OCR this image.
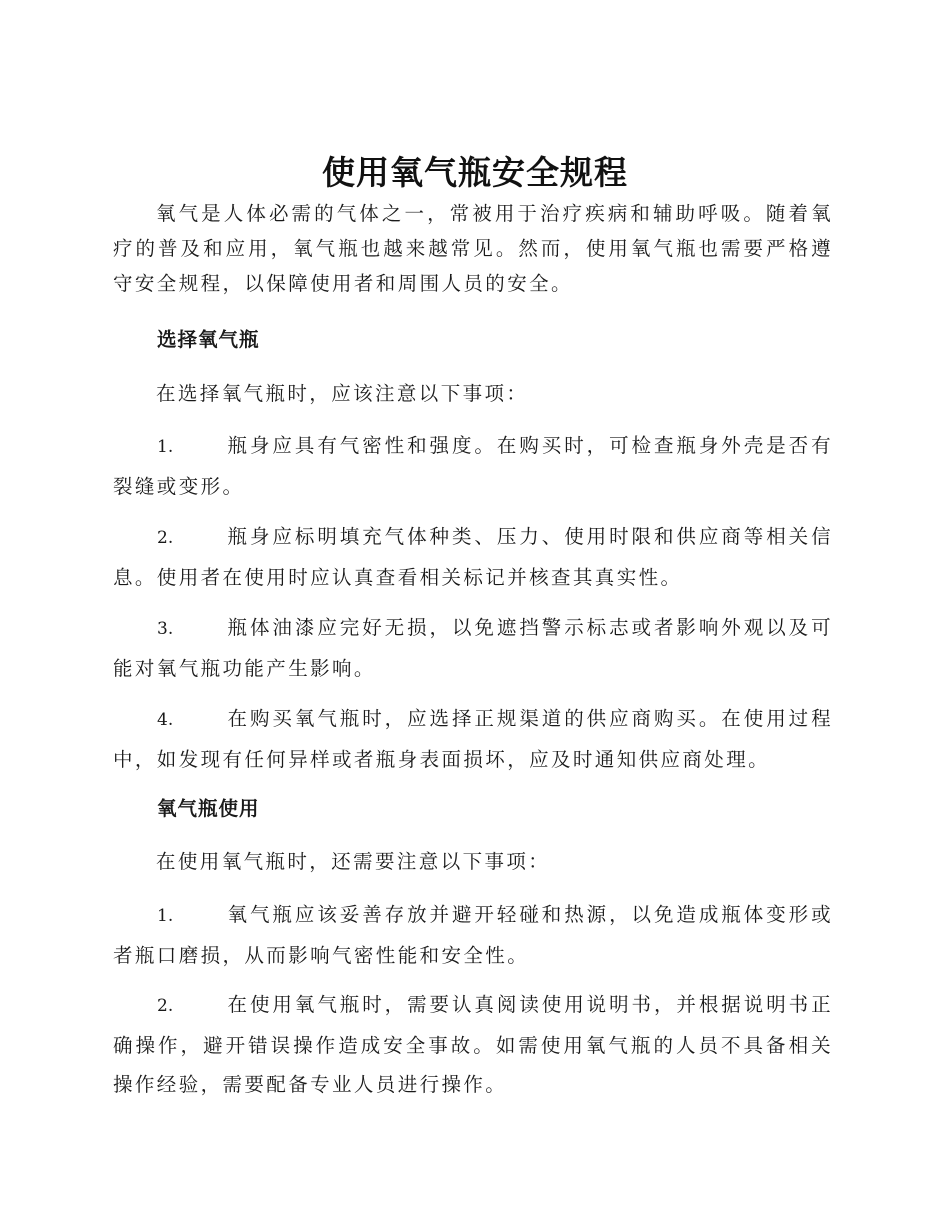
使用氧气瓶安全规程

氧气是人体必需的气体之一，常被用于治疗疾病和辅助呼吸。随着氧疗的普及和应用，氧气瓶也越来越常见。然而，使用氧气瓶也需要严格遵守安全规程，以保障使用者和周围人员的安全。

选择氧气瓶

在选择氧气瓶时，应该注意以下事项：

1.	瓶身应具有气密性和强度。在购买时，可检查瓶身外壳是否有裂缝或变形。

2.	瓶身应标明填充气体种类、压力、使用时限和供应商等相关信息。使用者在使用时应认真查看相关标记并核查其真实性。

3.	瓶体油漆应完好无损，以免遮挡警示标志或者影响外观以及可能对氧气瓶功能产生影响。

4.	在购买氧气瓶时，应选择正规渠道的供应商购买。在使用过程中，如发现有任何异样或者瓶身表面损坏，应及时通知供应商处理。

氧气瓶使用

在使用氧气瓶时，还需要注意以下事项：

1.	氧气瓶应该妥善存放并避开轻碰和热源，以免造成瓶体变形或者瓶口磨损，从而影响气密性能和安全性。

2.	在使用氧气瓶时，需要认真阅读使用说明书，并根据说明书正确操作，避开错误操作造成安全事故。如需使用氧气瓶的人员不具备相关操作经验，需要配备专业人员进行操作。
